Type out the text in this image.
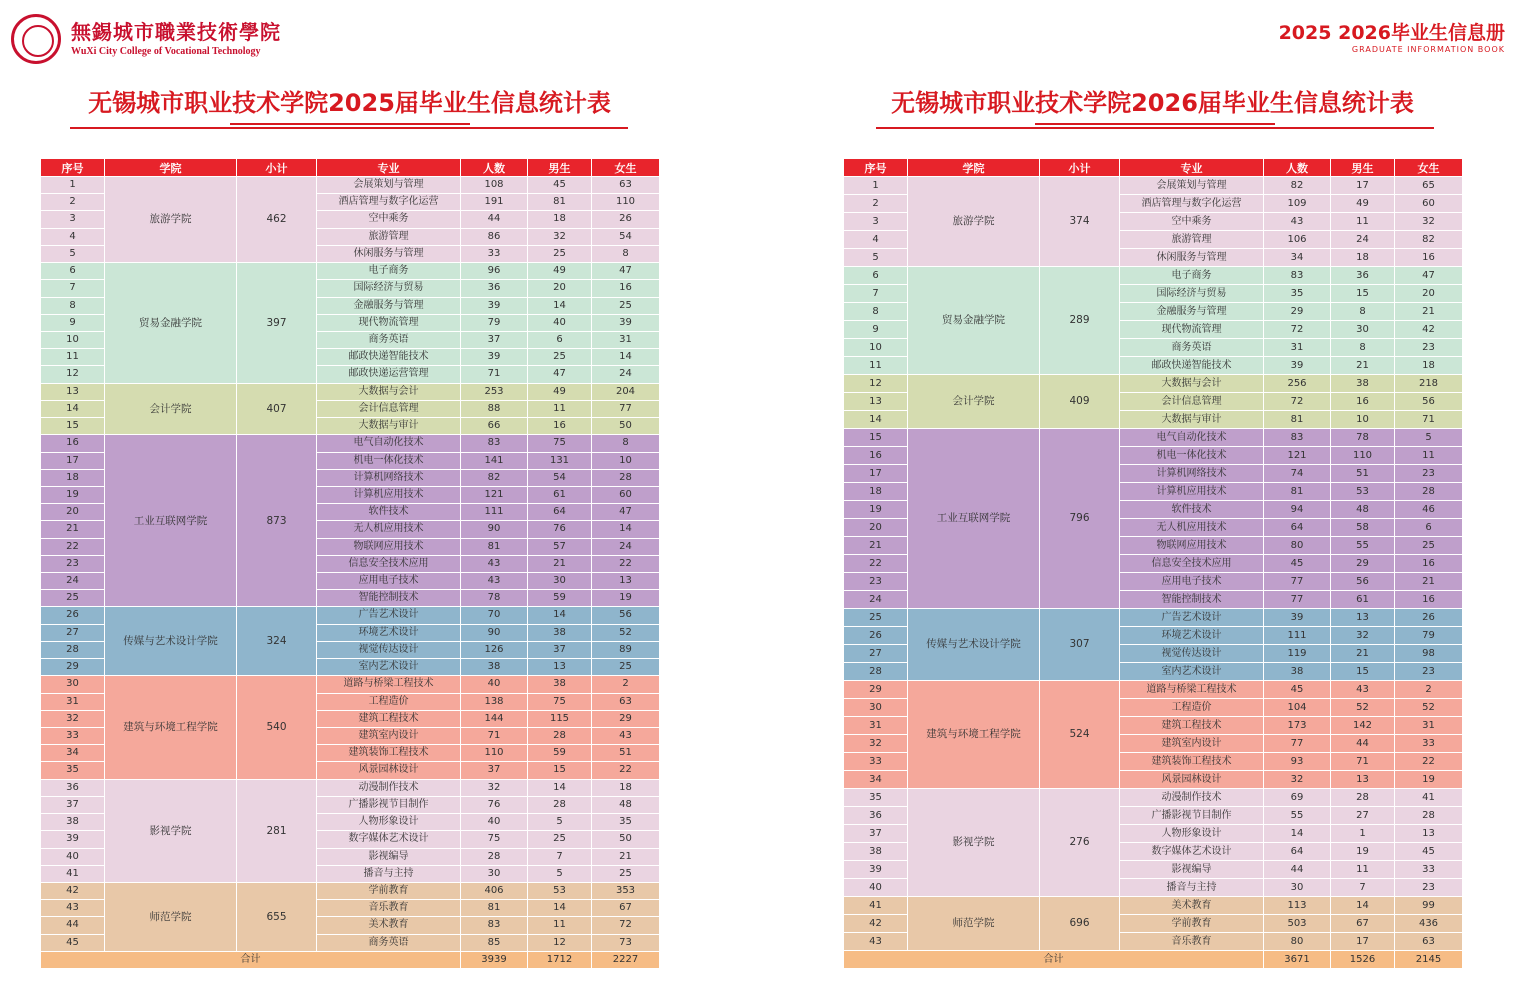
無錫城市職業技術學院
WuXi City College of Vocational Technology
2025 2026毕业生信息册
GRADUATE INFORMATION BOOK
无锡城市职业技术学院2025届毕业生信息统计表	无锡城市职业技术学院2026届毕业生信息统计表
序号	学院	小计	专业	人数	男生	女生
1	旅游学院	462	会展策划与管理	108	45	63
2			酒店管理与数字化运营	191	81	110
3			空中乘务	44	18	26
4			旅游管理	86	32	54
5			休闲服务与管理	33	25	8
6	贸易金融学院	397	电子商务	96	49	47
7			国际经济与贸易	36	20	16
8			金融服务与管理	39	14	25
9			现代物流管理	79	40	39
10			商务英语	37	6	31
11			邮政快递智能技术	39	25	14
12			邮政快递运营管理	71	47	24
13	会计学院	407	大数据与会计	253	49	204
14			会计信息管理	88	11	77
15			大数据与审计	66	16	50
16	工业互联网学院	873	电气自动化技术	83	75	8
17			机电一体化技术	141	131	10
18			计算机网络技术	82	54	28
19			计算机应用技术	121	61	60
20			软件技术	111	64	47
21			无人机应用技术	90	76	14
22			物联网应用技术	81	57	24
23			信息安全技术应用	43	21	22
24			应用电子技术	43	30	13
25			智能控制技术	78	59	19
26	传媒与艺术设计学院	324	广告艺术设计	70	14	56
27			环境艺术设计	90	38	52
28			视觉传达设计	126	37	89
29			室内艺术设计	38	13	25
30	建筑与环境工程学院	540	道路与桥梁工程技术	40	38	2
31			工程造价	138	75	63
32			建筑工程技术	144	115	29
33			建筑室内设计	71	28	43
34			建筑装饰工程技术	110	59	51
35			风景园林设计	37	15	22
36	影视学院	281	动漫制作技术	32	14	18
37			广播影视节目制作	76	28	48
38			人物形象设计	40	5	35
39			数字媒体艺术设计	75	25	50
40			影视编导	28	7	21
41			播音与主持	30	5	25
42	师范学院	655	学前教育	406	53	353
43			音乐教育	81	14	67
44			美术教育	83	11	72
45			商务英语	85	12	73
合计				3939	1712	2227
序号	学院	小计	专业	人数	男生	女生
1	旅游学院	374	会展策划与管理	82	17	65
2			酒店管理与数字化运营	109	49	60
3			空中乘务	43	11	32
4			旅游管理	106	24	82
5			休闲服务与管理	34	18	16
6	贸易金融学院	289	电子商务	83	36	47
7			国际经济与贸易	35	15	20
8			金融服务与管理	29	8	21
9			现代物流管理	72	30	42
10			商务英语	31	8	23
11			邮政快递智能技术	39	21	18
12	会计学院	409	大数据与会计	256	38	218
13			会计信息管理	72	16	56
14			大数据与审计	81	10	71
15	工业互联网学院	796	电气自动化技术	83	78	5
16			机电一体化技术	121	110	11
17			计算机网络技术	74	51	23
18			计算机应用技术	81	53	28
19			软件技术	94	48	46
20			无人机应用技术	64	58	6
21			物联网应用技术	80	55	25
22			信息安全技术应用	45	29	16
23			应用电子技术	77	56	21
24			智能控制技术	77	61	16
25	传媒与艺术设计学院	307	广告艺术设计	39	13	26
26			环境艺术设计	111	32	79
27			视觉传达设计	119	21	98
28			室内艺术设计	38	15	23
29	建筑与环境工程学院	524	道路与桥梁工程技术	45	43	2
30			工程造价	104	52	52
31			建筑工程技术	173	142	31
32			建筑室内设计	77	44	33
33			建筑装饰工程技术	93	71	22
34			风景园林设计	32	13	19
35	影视学院	276	动漫制作技术	69	28	41
36			广播影视节目制作	55	27	28
37			人物形象设计	14	1	13
38			数字媒体艺术设计	64	19	45
39			影视编导	44	11	33
40			播音与主持	30	7	23
41	师范学院	696	美术教育	113	14	99
42			学前教育	503	67	436
43			音乐教育	80	17	63
合计				3671	1526	2145
